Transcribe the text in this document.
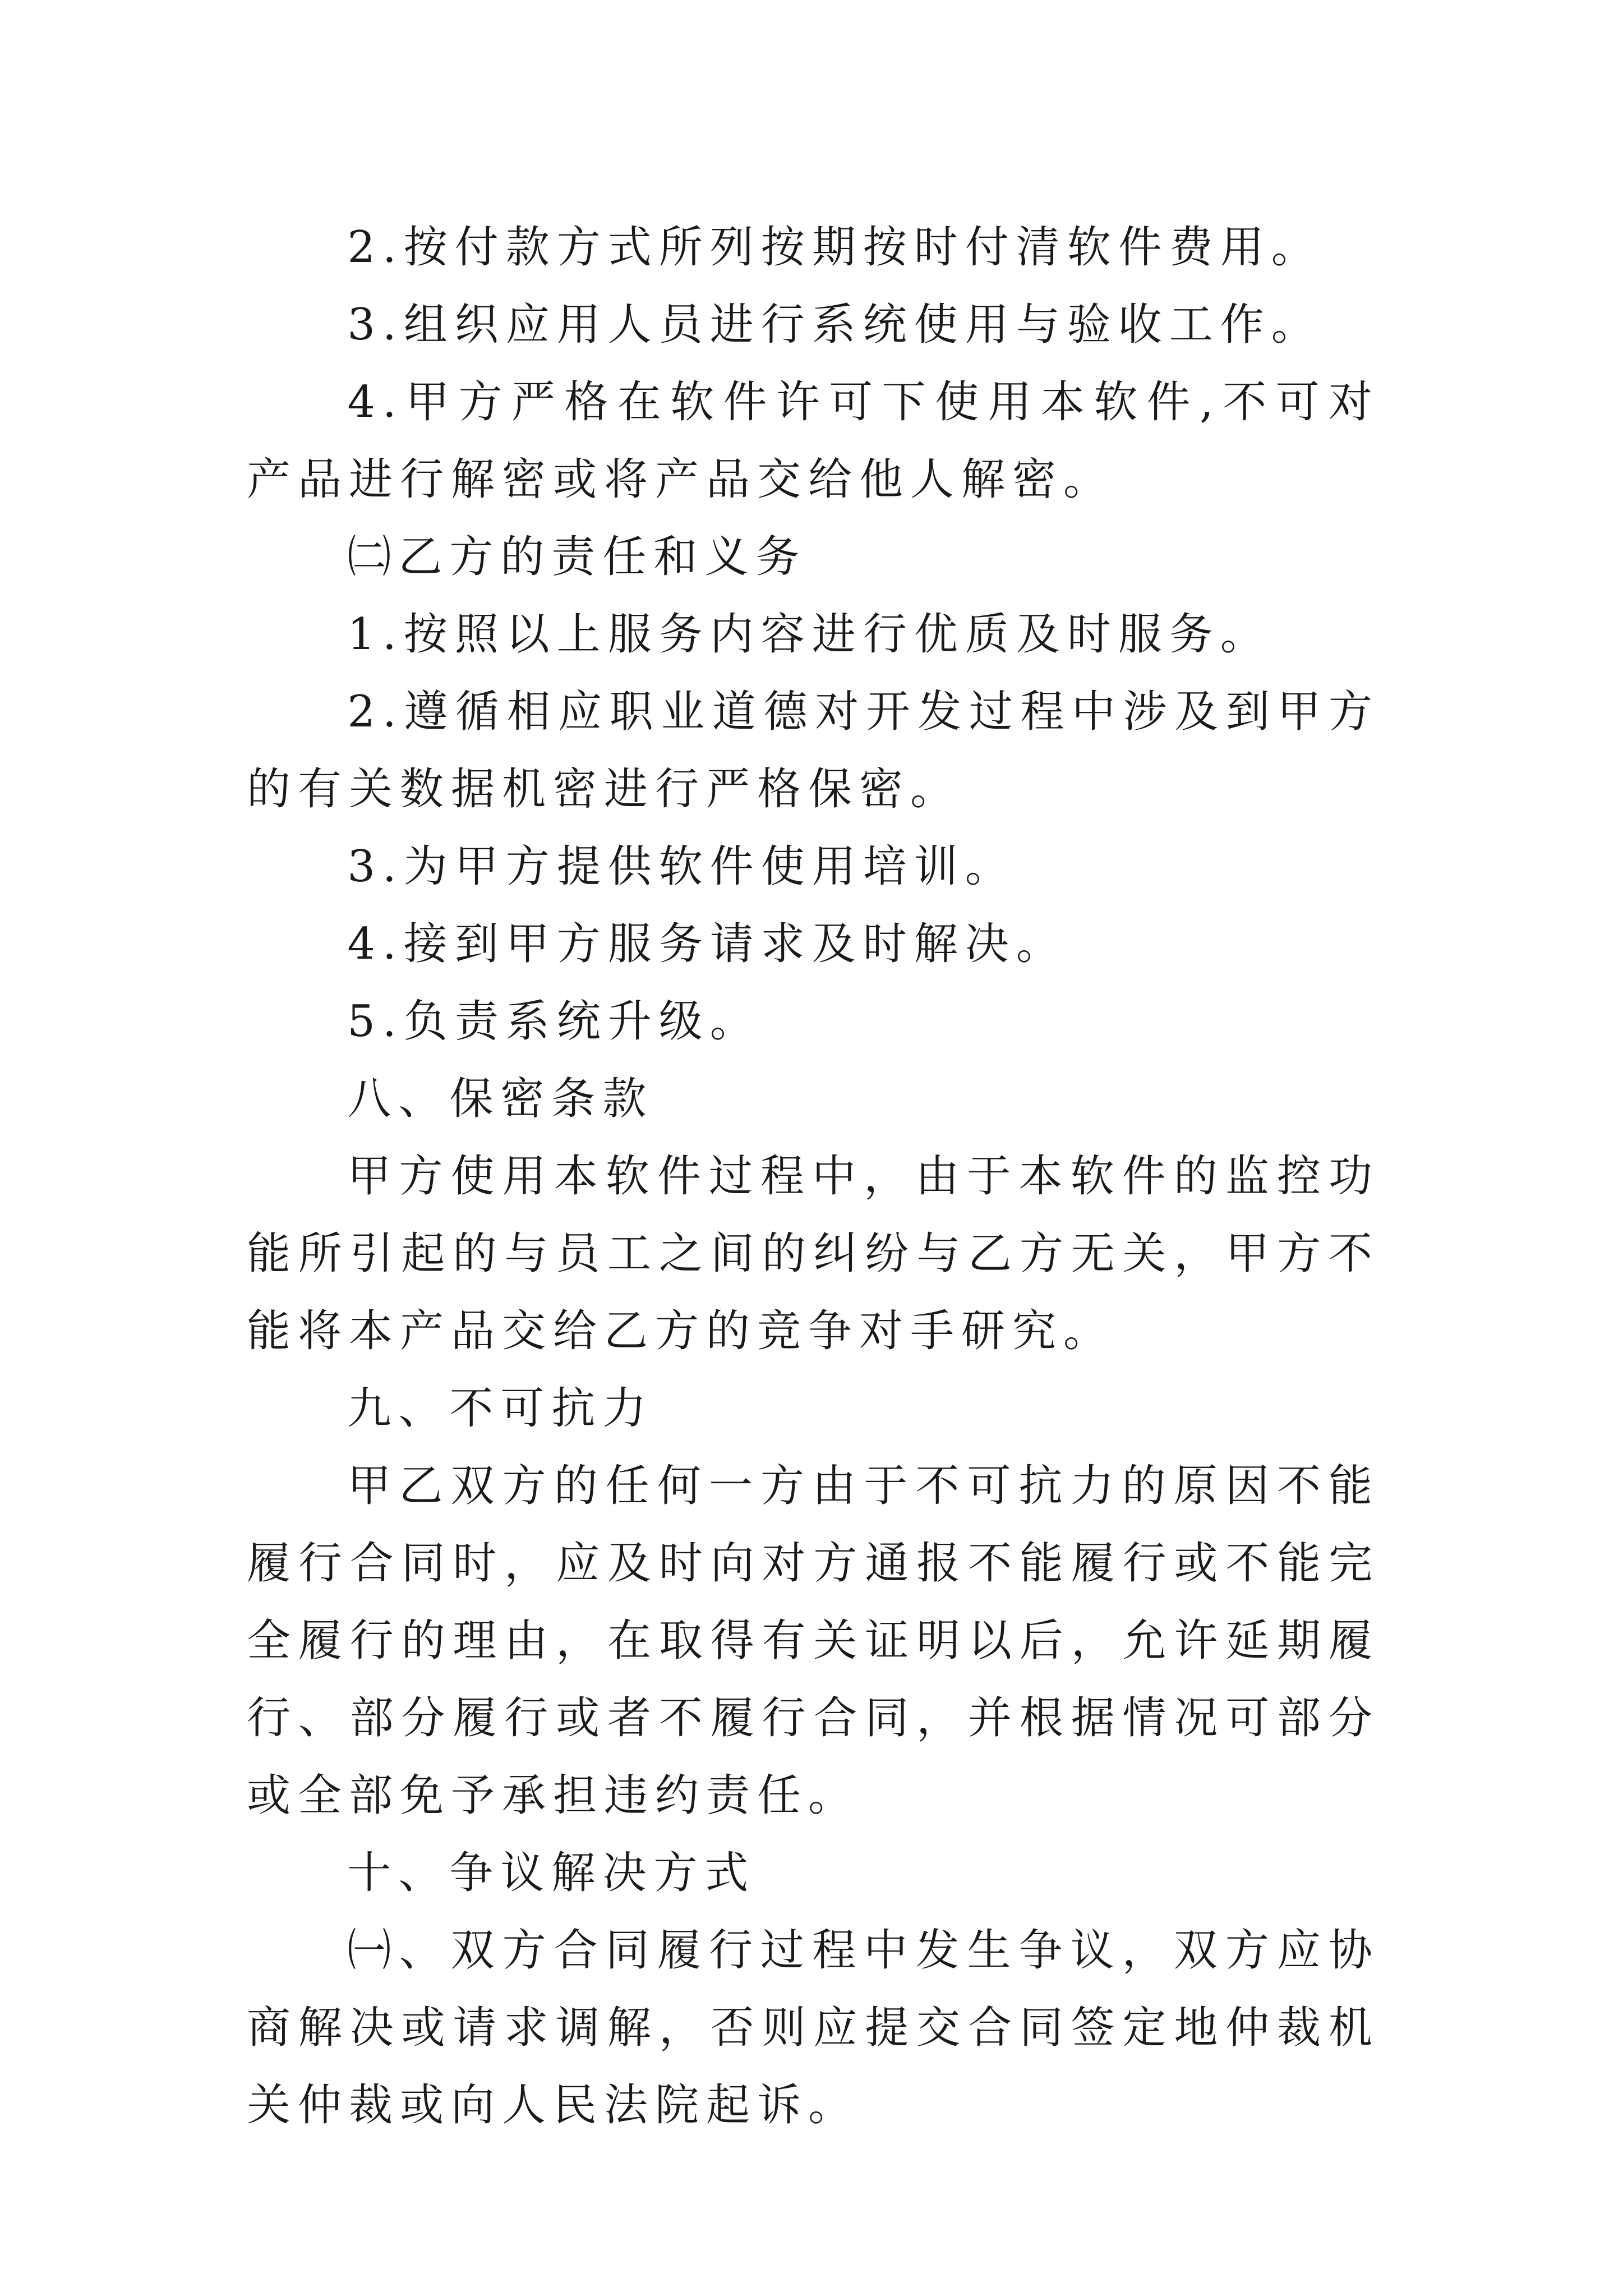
2.按付款方式所列按期按时付清软件费用。

3.组织应用人员进行系统使用与验收工作。

4.甲方严格在软件许可下使用本软件,不可对产品进行解密或将产品交给他人解密。

㈡乙方的责任和义务

1.按照以上服务内容进行优质及时服务。

2.遵循相应职业道德对开发过程中涉及到甲方的有关数据机密进行严格保密。

3.为甲方提供软件使用培训。

4.接到甲方服务请求及时解决。

5.负责系统升级。

八、保密条款

甲方使用本软件过程中，由于本软件的监控功能所引起的与员工之间的纠纷与乙方无关，甲方不能将本产品交给乙方的竞争对手研究。

九、不可抗力

甲乙双方的任何一方由于不可抗力的原因不能履行合同时，应及时向对方通报不能履行或不能完全履行的理由，在取得有关证明以后，允许延期履行、部分履行或者不履行合同，并根据情况可部分或全部免予承担违约责任。

十、争议解决方式

㈠、双方合同履行过程中发生争议，双方应协商解决或请求调解，否则应提交合同签定地仲裁机关仲裁或向人民法院起诉。
